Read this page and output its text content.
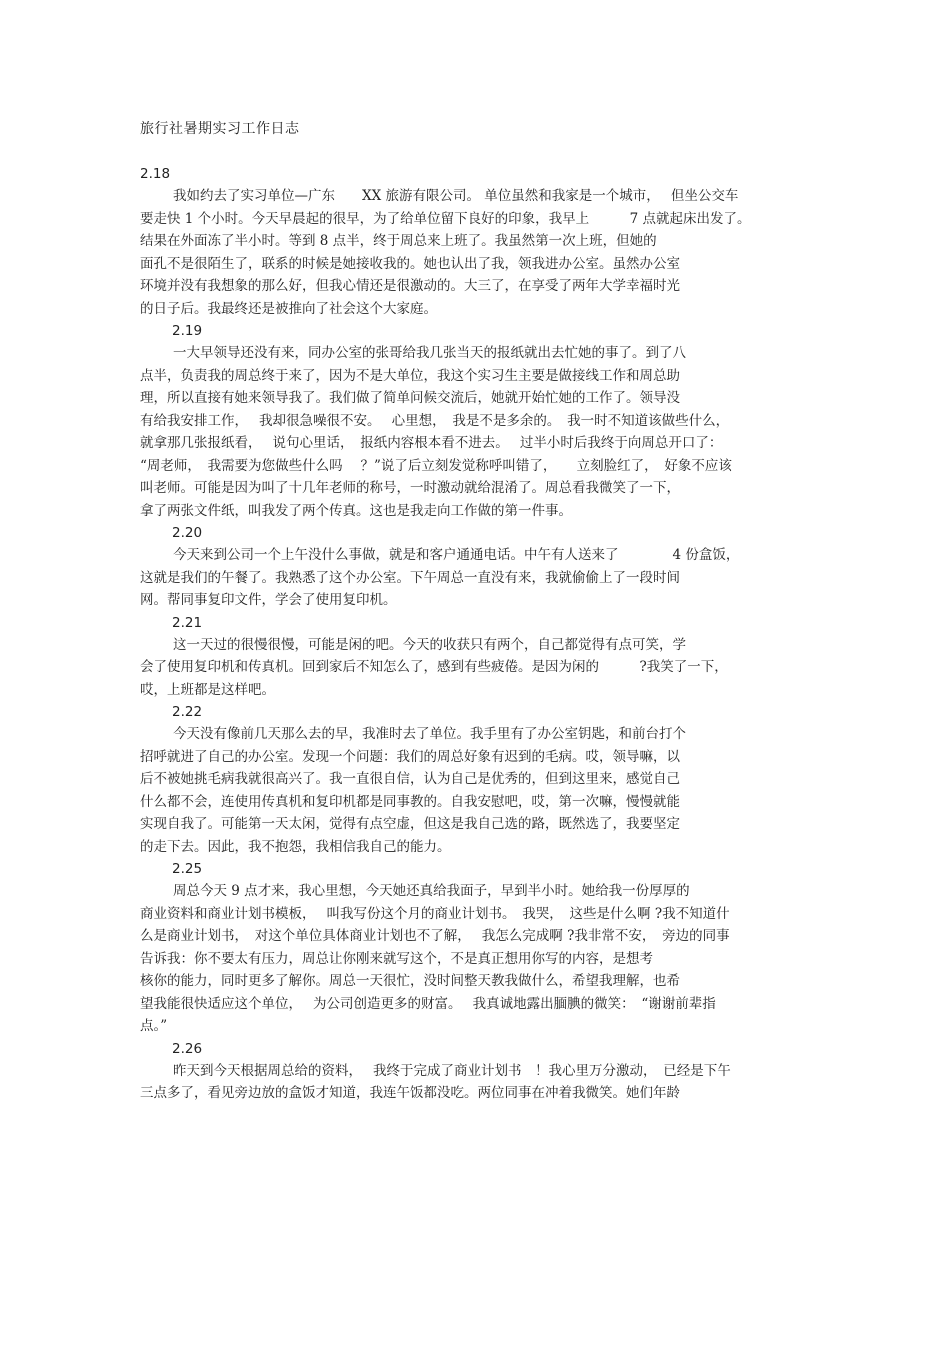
旅行社暑期实习工作日志
2.18
我如约去了实习单位—广东　　XX 旅游有限公司。 单位虽然和我家是一个城市，　 但坐公交车
要走快 1 个小时。今天早晨起的很早，为了给单位留下良好的印象，我早上　　　7 点就起床出发了。
结果在外面冻了半小时。等到 8 点半，终于周总来上班了。我虽然第一次上班，但她的
面孔不是很陌生了，联系的时候是她接收我的。她也认出了我，领我进办公室。虽然办公室
环境并没有我想象的那么好，但我心情还是很激动的。大三了，在享受了两年大学幸福时光
的日子后。我最终还是被推向了社会这个大家庭。
2.19
一大早领导还没有来，同办公室的张哥给我几张当天的报纸就出去忙她的事了。到了八
点半，负责我的周总终于来了，因为不是大单位，我这个实习生主要是做接线工作和周总助
理，所以直接有她来领导我了。我们做了简单问候交流后，她就开始忙她的工作了。领导没
有给我安排工作，　 我却很急噪很不安。　 心里想，　我是不是多余的。　我一时不知道该做些什么，
就拿那几张报纸看，　 说句心里话，　报纸内容根本看不进去。　 过半小时后我终于向周总开口了：
“周老师，　我需要为您做些什么吗　 ？”说了后立刻发觉称呼叫错了，　　立刻脸红了，　好象不应该
叫老师。可能是因为叫了十几年老师的称号，一时激动就给混淆了。周总看我微笑了一下，
拿了两张文件纸，叫我发了两个传真。这也是我走向工作做的第一件事。
2.20
今天来到公司一个上午没什么事做，就是和客户通通电话。中午有人送来了　　　　4 份盒饭，
这就是我们的午餐了。我熟悉了这个办公室。下午周总一直没有来，我就偷偷上了一段时间
网。帮同事复印文件，学会了使用复印机。
2.21
这一天过的很慢很慢，可能是闲的吧。今天的收获只有两个，自己都觉得有点可笑，学
会了使用复印机和传真机。回到家后不知怎么了，感到有些疲倦。是因为闲的　　　?我笑了一下，
哎，上班都是这样吧。
2.22
今天没有像前几天那么去的早，我准时去了单位。我手里有了办公室钥匙，和前台打个
招呼就进了自己的办公室。发现一个问题：我们的周总好象有迟到的毛病。哎，领导嘛，以
后不被她挑毛病我就很高兴了。我一直很自信，认为自己是优秀的，但到这里来，感觉自己
什么都不会，连使用传真机和复印机都是同事教的。自我安慰吧，哎，第一次嘛，慢慢就能
实现自我了。可能第一天太闲，觉得有点空虚，但这是我自己选的路，既然选了，我要坚定
的走下去。因此，我不抱怨，我相信我自己的能力。
2.25
周总今天 9 点才来，我心里想，今天她还真给我面子，早到半小时。她给我一份厚厚的
商业资料和商业计划书模板，　 叫我写份这个月的商业计划书。　我哭，　这些是什么啊 ?我不知道什
么是商业计划书，　对这个单位具体商业计划也不了解，　 我怎么完成啊 ?我非常不安，　旁边的同事
告诉我：你不要太有压力，周总让你刚来就写这个，不是真正想用你写的内容，是想考
核你的能力，同时更多了解你。周总一天很忙，没时间整天教我做什么，希望我理解，也希
望我能很快适应这个单位，　 为公司创造更多的财富。　 我真诚地露出腼腆的微笑：　“谢谢前辈指
点。”
2.26
昨天到今天根据周总给的资料，　 我终于完成了商业计划书　！我心里万分激动，　已经是下午
三点多了，看见旁边放的盒饭才知道，我连午饭都没吃。两位同事在冲着我微笑。她们年龄
